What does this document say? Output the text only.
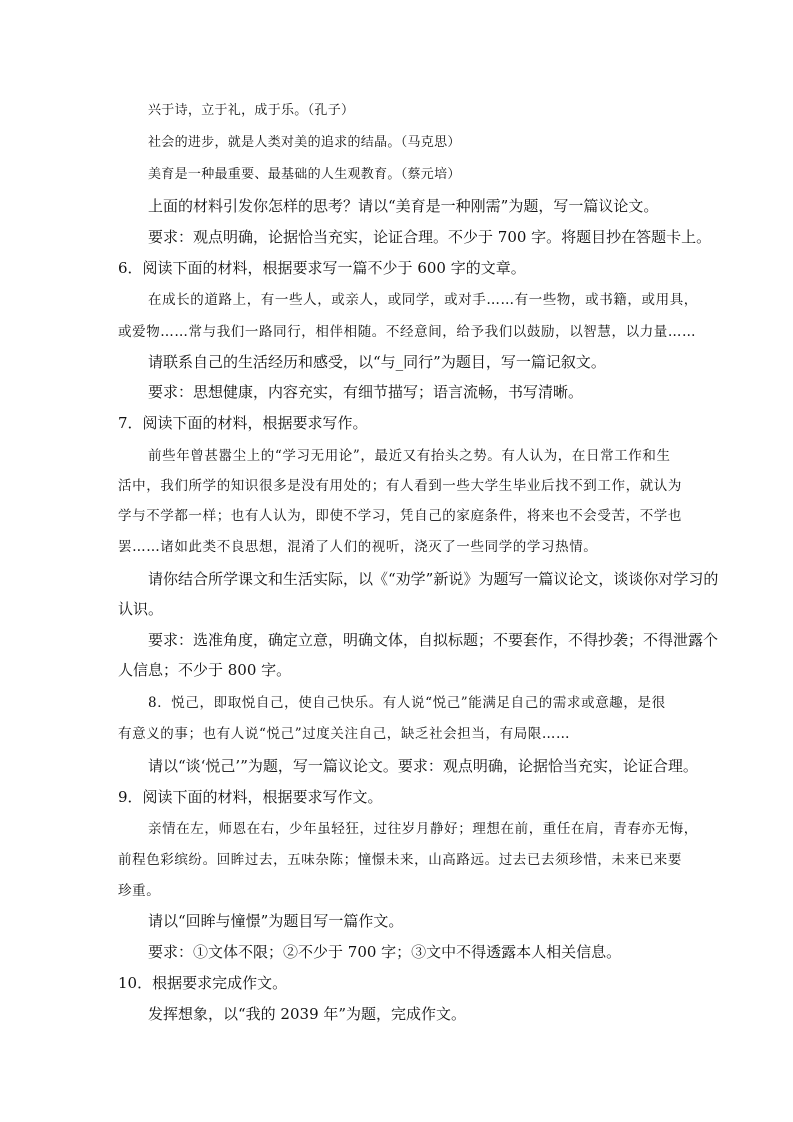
兴于诗，立于礼，成于乐。（孔子）
社会的进步，就是人类对美的追求的结晶。（马克思）
美育是一种最重要、最基础的人生观教育。（蔡元培）
上面的材料引发你怎样的思考？请以“美育是一种刚需”为题，写一篇议论文。
要求：观点明确，论据恰当充实，论证合理。不少于 700 字。将题目抄在答题卡上。
6．阅读下面的材料，根据要求写一篇不少于 600 字的文章。
在成长的道路上，有一些人，或亲人，或同学，或对手……有一些物，或书籍，或用具，
或爱物……常与我们一路同行，相伴相随。不经意间，给予我们以鼓励，以智慧，以力量……
请联系自己的生活经历和感受，以“与_同行”为题目，写一篇记叙文。
要求：思想健康，内容充实，有细节描写；语言流畅，书写清晰。
7．阅读下面的材料，根据要求写作。
前些年曾甚嚣尘上的“学习无用论”，最近又有抬头之势。有人认为，在日常工作和生
活中，我们所学的知识很多是没有用处的；有人看到一些大学生毕业后找不到工作，就认为
学与不学都一样；也有人认为，即使不学习，凭自己的家庭条件，将来也不会受苦，不学也
罢……诸如此类不良思想，混淆了人们的视听，浇灭了一些同学的学习热情。
请你结合所学课文和生活实际，以《“劝学”新说》为题写一篇议论文，谈谈你对学习的
认识。
要求：选准角度，确定立意，明确文体，自拟标题；不要套作，不得抄袭；不得泄露个
人信息；不少于 800 字。
8．悦己，即取悦自己，使自己快乐。有人说“悦己”能满足自己的需求或意趣，是很
有意义的事；也有人说“悦己”过度关注自己，缺乏社会担当，有局限……
请以“谈‘悦己’”为题，写一篇议论文。要求：观点明确，论据恰当充实，论证合理。
9．阅读下面的材料，根据要求写作文。
亲情在左，师恩在右，少年虽轻狂，过往岁月静好；理想在前，重任在肩，青春亦无悔，
前程色彩缤纷。回眸过去，五味杂陈；憧憬未来，山高路远。过去已去须珍惜，未来已来要
珍重。
请以“回眸与憧憬”为题目写一篇作文。
要求：①文体不限；②不少于 700 字；③文中不得透露本人相关信息。
10．根据要求完成作文。
发挥想象，以“我的 2039 年”为题，完成作文。
